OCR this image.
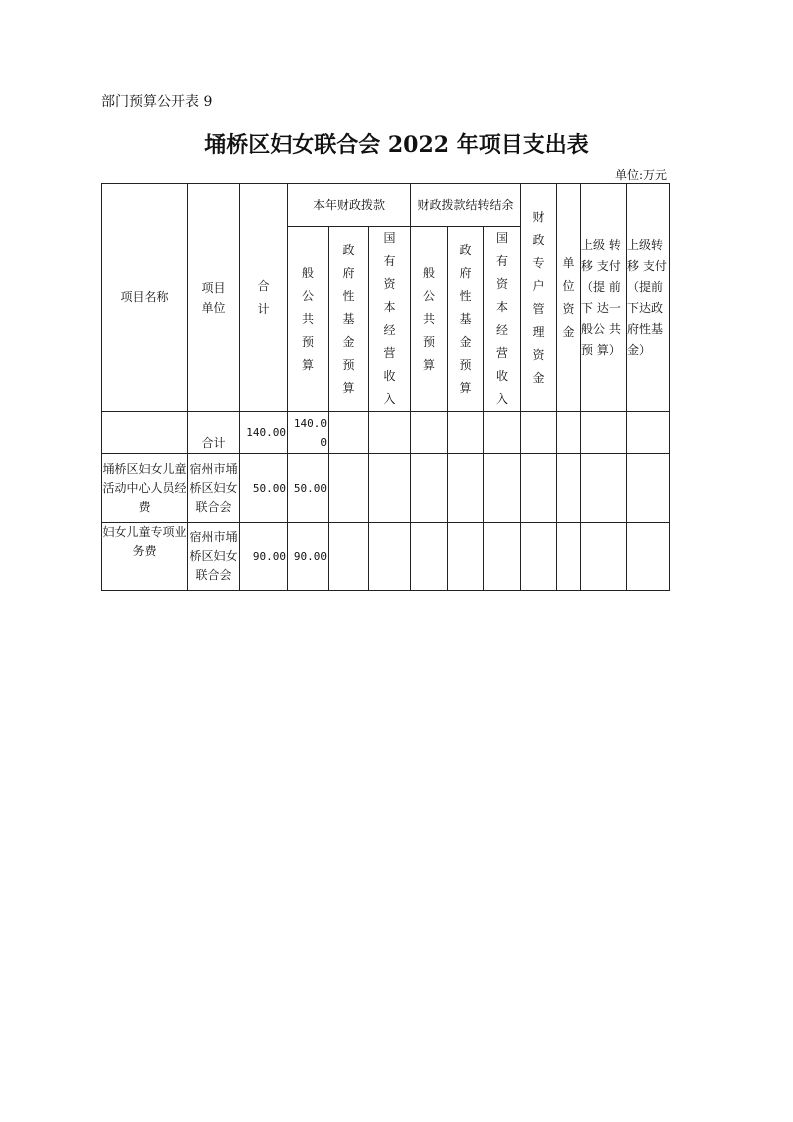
部门预算公开表 9
埇桥区妇女联合会 2022 年项目支出表
单位:万元
项目名称	项目单位	合计	本年财政拨款			财政拨款结转结余			财政专户管理资金	单位资金	上级 转 移 支付 （提 前 下 达一 般公 共 预 算）	上级转 移 支付 （提前 下达政 府性基 金）

			般公共预算	政府性基金预算	国有资本经营收入	般公共预算	政府性基金预算	国有资本经营收入				

	合计	140.00	140.00									
埇桥区妇女儿童活动中心人员经费	宿州市埇桥区妇女联合会	50.00	50.00									
妇女儿童专项业务费	宿州市埇桥区妇女联合会	90.00	90.00									
